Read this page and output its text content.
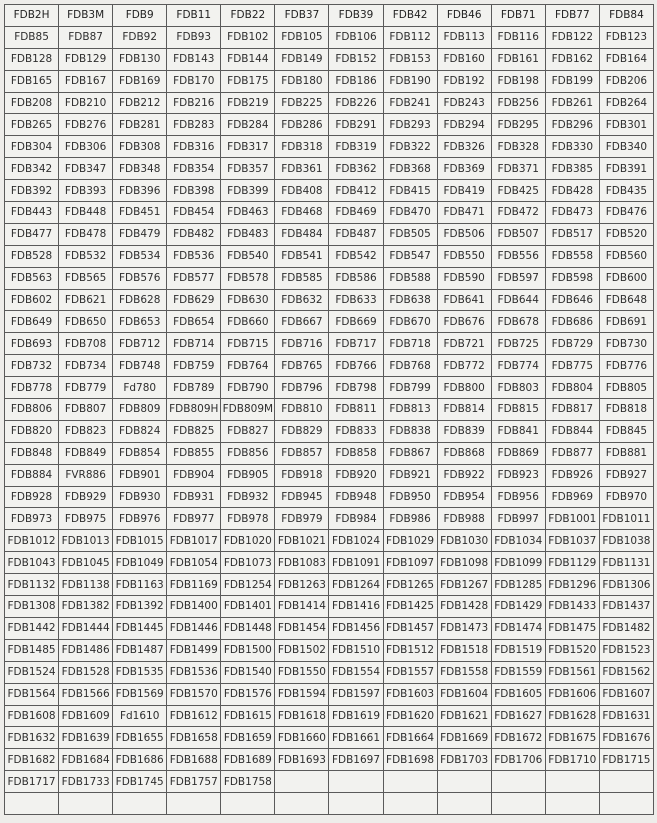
FDB2H	FDB3M	FDB9	FDB11	FDB22	FDB37	FDB39	FDB42	FDB46	FDB71	FDB77	FDB84
FDB85	FDB87	FDB92	FDB93	FDB102	FDB105	FDB106	FDB112	FDB113	FDB116	FDB122	FDB123
FDB128	FDB129	FDB130	FDB143	FDB144	FDB149	FDB152	FDB153	FDB160	FDB161	FDB162	FDB164
FDB165	FDB167	FDB169	FDB170	FDB175	FDB180	FDB186	FDB190	FDB192	FDB198	FDB199	FDB206
FDB208	FDB210	FDB212	FDB216	FDB219	FDB225	FDB226	FDB241	FDB243	FDB256	FDB261	FDB264
FDB265	FDB276	FDB281	FDB283	FDB284	FDB286	FDB291	FDB293	FDB294	FDB295	FDB296	FDB301
FDB304	FDB306	FDB308	FDB316	FDB317	FDB318	FDB319	FDB322	FDB326	FDB328	FDB330	FDB340
FDB342	FDB347	FDB348	FDB354	FDB357	FDB361	FDB362	FDB368	FDB369	FDB371	FDB385	FDB391
FDB392	FDB393	FDB396	FDB398	FDB399	FDB408	FDB412	FDB415	FDB419	FDB425	FDB428	FDB435
FDB443	FDB448	FDB451	FDB454	FDB463	FDB468	FDB469	FDB470	FDB471	FDB472	FDB473	FDB476
FDB477	FDB478	FDB479	FDB482	FDB483	FDB484	FDB487	FDB505	FDB506	FDB507	FDB517	FDB520
FDB528	FDB532	FDB534	FDB536	FDB540	FDB541	FDB542	FDB547	FDB550	FDB556	FDB558	FDB560
FDB563	FDB565	FDB576	FDB577	FDB578	FDB585	FDB586	FDB588	FDB590	FDB597	FDB598	FDB600
FDB602	FDB621	FDB628	FDB629	FDB630	FDB632	FDB633	FDB638	FDB641	FDB644	FDB646	FDB648
FDB649	FDB650	FDB653	FDB654	FDB660	FDB667	FDB669	FDB670	FDB676	FDB678	FDB686	FDB691
FDB693	FDB708	FDB712	FDB714	FDB715	FDB716	FDB717	FDB718	FDB721	FDB725	FDB729	FDB730
FDB732	FDB734	FDB748	FDB759	FDB764	FDB765	FDB766	FDB768	FDB772	FDB774	FDB775	FDB776
FDB778	FDB779	Fd780	FDB789	FDB790	FDB796	FDB798	FDB799	FDB800	FDB803	FDB804	FDB805
FDB806	FDB807	FDB809	FDB809H	FDB809M	FDB810	FDB811	FDB813	FDB814	FDB815	FDB817	FDB818
FDB820	FDB823	FDB824	FDB825	FDB827	FDB829	FDB833	FDB838	FDB839	FDB841	FDB844	FDB845
FDB848	FDB849	FDB854	FDB855	FDB856	FDB857	FDB858	FDB867	FDB868	FDB869	FDB877	FDB881
FDB884	FVR886	FDB901	FDB904	FDB905	FDB918	FDB920	FDB921	FDB922	FDB923	FDB926	FDB927
FDB928	FDB929	FDB930	FDB931	FDB932	FDB945	FDB948	FDB950	FDB954	FDB956	FDB969	FDB970
FDB973	FDB975	FDB976	FDB977	FDB978	FDB979	FDB984	FDB986	FDB988	FDB997	FDB1001	FDB1011
FDB1012	FDB1013	FDB1015	FDB1017	FDB1020	FDB1021	FDB1024	FDB1029	FDB1030	FDB1034	FDB1037	FDB1038
FDB1043	FDB1045	FDB1049	FDB1054	FDB1073	FDB1083	FDB1091	FDB1097	FDB1098	FDB1099	FDB1129	FDB1131
FDB1132	FDB1138	FDB1163	FDB1169	FDB1254	FDB1263	FDB1264	FDB1265	FDB1267	FDB1285	FDB1296	FDB1306
FDB1308	FDB1382	FDB1392	FDB1400	FDB1401	FDB1414	FDB1416	FDB1425	FDB1428	FDB1429	FDB1433	FDB1437
FDB1442	FDB1444	FDB1445	FDB1446	FDB1448	FDB1454	FDB1456	FDB1457	FDB1473	FDB1474	FDB1475	FDB1482
FDB1485	FDB1486	FDB1487	FDB1499	FDB1500	FDB1502	FDB1510	FDB1512	FDB1518	FDB1519	FDB1520	FDB1523
FDB1524	FDB1528	FDB1535	FDB1536	FDB1540	FDB1550	FDB1554	FDB1557	FDB1558	FDB1559	FDB1561	FDB1562
FDB1564	FDB1566	FDB1569	FDB1570	FDB1576	FDB1594	FDB1597	FDB1603	FDB1604	FDB1605	FDB1606	FDB1607
FDB1608	FDB1609	Fd1610	FDB1612	FDB1615	FDB1618	FDB1619	FDB1620	FDB1621	FDB1627	FDB1628	FDB1631
FDB1632	FDB1639	FDB1655	FDB1658	FDB1659	FDB1660	FDB1661	FDB1664	FDB1669	FDB1672	FDB1675	FDB1676
FDB1682	FDB1684	FDB1686	FDB1688	FDB1689	FDB1693	FDB1697	FDB1698	FDB1703	FDB1706	FDB1710	FDB1715
FDB1717	FDB1733	FDB1745	FDB1757	FDB1758							
